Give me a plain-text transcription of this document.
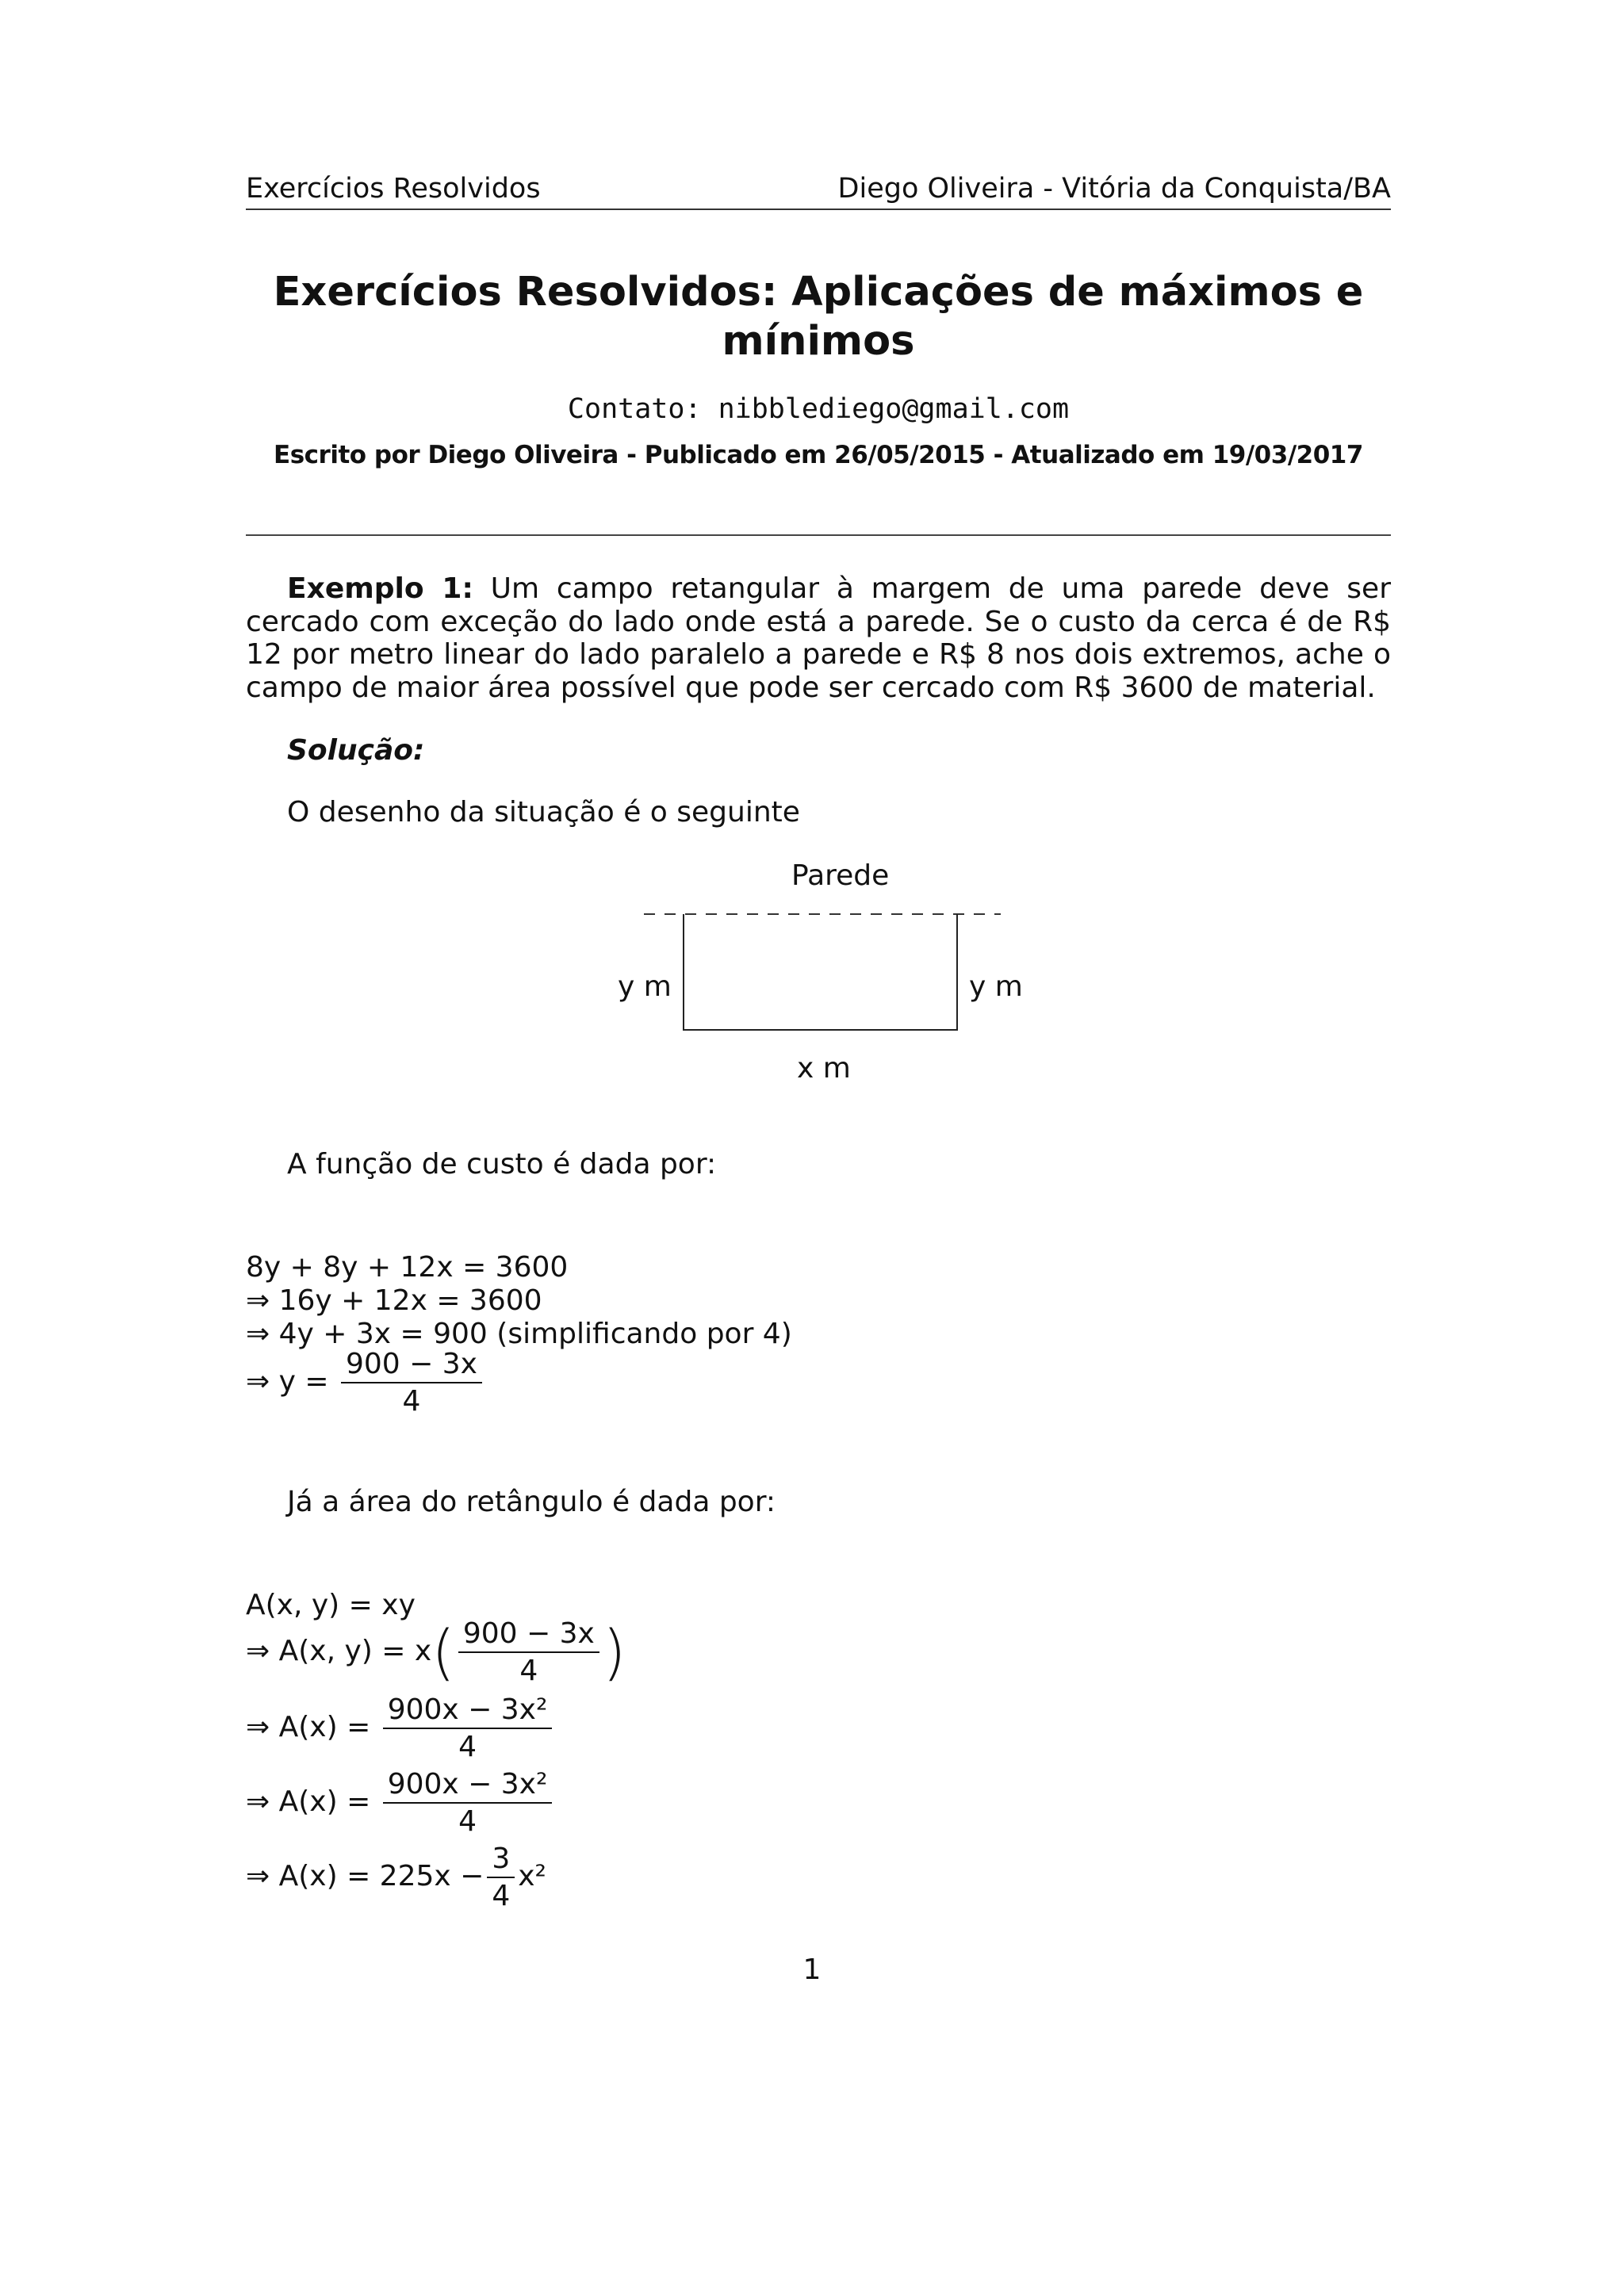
Exercícios Resolvidos	Diego Oliveira - Vitória da Conquista/BA
Exercícios Resolvidos: Aplicações de máximos e mínimos
Contato: nibblediego@gmail.com
Escrito por Diego Oliveira - Publicado em 26/05/2015 - Atualizado em 19/03/2017
Exemplo 1: Um campo retangular à margem de uma parede deve ser cercado com exceção do lado onde está a parede. Se o custo da cerca é de R$ 12 por metro linear do lado paralelo a parede e R$ 8 nos dois extremos, ache o campo de maior área possível que pode ser cercado com R$ 3600 de material.
Solução:
O desenho da situação é o seguinte
Parede
y m	y m
x m
A função de custo é dada por:
8y + 8y + 12x = 3600
⇒ 16y + 12x = 3600
⇒ 4y + 3x = 900 (simplificando por 4)
⇒ $y = \frac{900 - 3x}{4}$
Já a área do retângulo é dada por:
A(x, y) = xy
⇒ A(x, $y) = x( \frac{900 - 3x}{4}$ )
⇒ $A(x) = \frac{\text{900x − 3x²}}{4}$
⇒ $A(x) = \frac{\text{900x − 3x²}}{4}$
⇒ $A(x) = 225x - \frac{3}{4} x^2$
1
